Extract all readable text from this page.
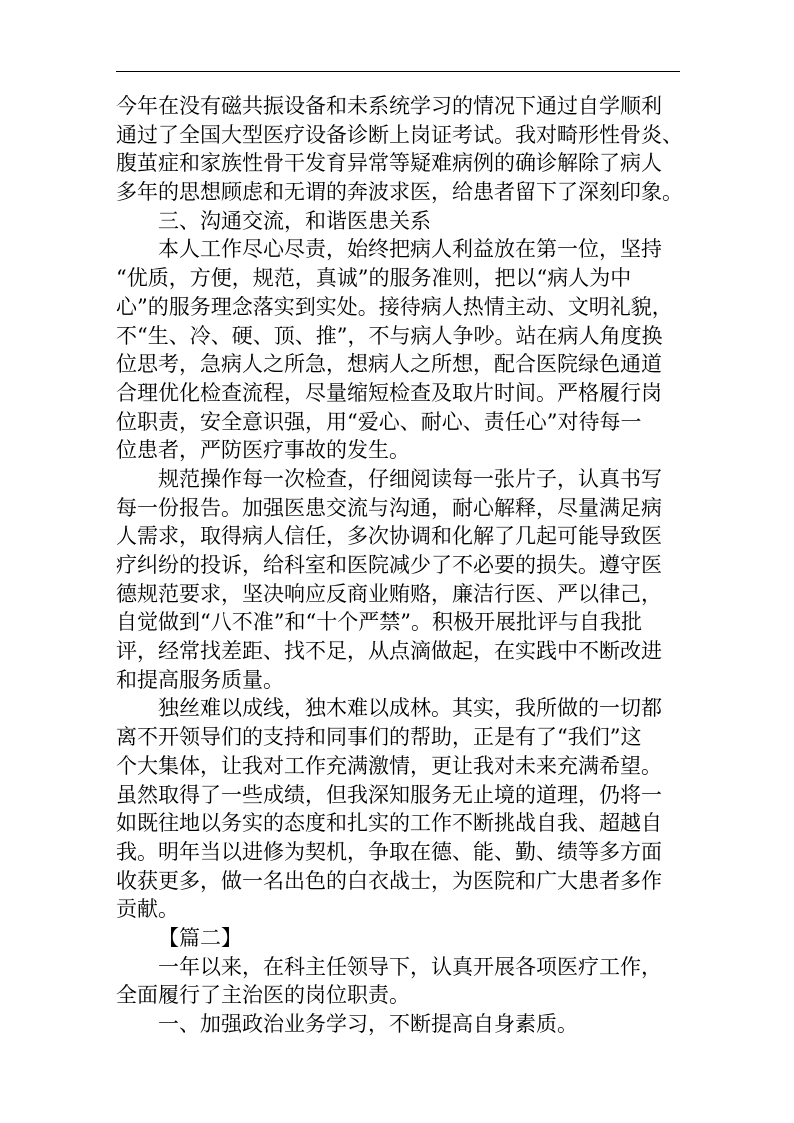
今年在没有磁共振设备和未系统学习的情况下通过自学顺利
通过了全国大型医疗设备诊断上岗证考试。我对畸形性骨炎、
腹茧症和家族性骨干发育异常等疑难病例的确诊解除了病人
多年的思想顾虑和无谓的奔波求医，给患者留下了深刻印象。
三、沟通交流，和谐医患关系
本人工作尽心尽责，始终把病人利益放在第一位，坚持
“优质，方便，规范，真诚”的服务准则，把以“病人为中
心”的服务理念落实到实处。接待病人热情主动、文明礼貌，
不“生、冷、硬、顶、推”，不与病人争吵。站在病人角度换
位思考，急病人之所急，想病人之所想，配合医院绿色通道
合理优化检查流程，尽量缩短检查及取片时间。严格履行岗
位职责，安全意识强，用“爱心、耐心、责任心”对待每一
位患者，严防医疗事故的发生。
规范操作每一次检查，仔细阅读每一张片子，认真书写
每一份报告。加强医患交流与沟通，耐心解释，尽量满足病
人需求，取得病人信任，多次协调和化解了几起可能导致医
疗纠纷的投诉，给科室和医院减少了不必要的损失。遵守医
德规范要求，坚决响应反商业贿赂，廉洁行医、严以律己，
自觉做到“八不准”和“十个严禁”。积极开展批评与自我批
评，经常找差距、找不足，从点滴做起，在实践中不断改进
和提高服务质量。
独丝难以成线，独木难以成林。其实，我所做的一切都
离不开领导们的支持和同事们的帮助，正是有了“我们”这
个大集体，让我对工作充满激情，更让我对未来充满希望。
虽然取得了一些成绩，但我深知服务无止境的道理，仍将一
如既往地以务实的态度和扎实的工作不断挑战自我、超越自
我。明年当以进修为契机，争取在德、能、勤、绩等多方面
收获更多，做一名出色的白衣战士，为医院和广大患者多作
贡献。
【篇二】
一年以来，在科主任领导下，认真开展各项医疗工作，
全面履行了主治医的岗位职责。
一、加强政治业务学习，不断提高自身素质。
